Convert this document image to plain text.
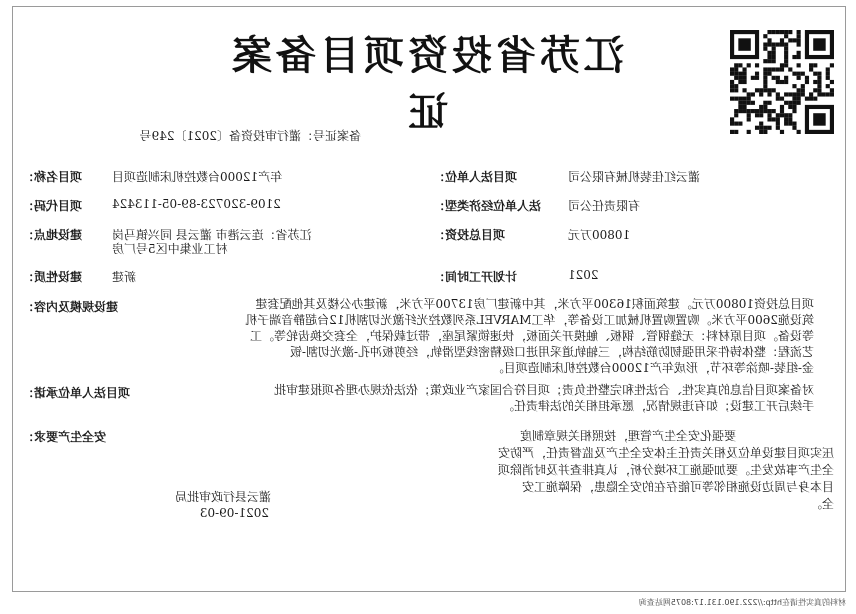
江苏省投资项目备案证
备案证号：灌行审投资备〔2021〕249号
项目名称： 年产12000台数控机床制造项目	项目法人单位：	灌云红佳装机械有限公司
项目代码： 2109-320723-89-05-113424	法人单位经济类型： 有限责任公司
建设地点： 江苏省：连云港市 灌云县 同兴镇马岗
村工业集中区5号厂房
项目总投资：	10800万元
建设性质： 新建	计划开工时间：	2021
建设规模及内容：	项目总投资10800万元。建筑面积16300平方米，其中新建厂房13700平方米，新建办公楼及其他配套建
筑设施2600平方米。购置购置机械加工设备等，华工MARVEL系列数控光纤激光切割机12台超静音端子机
等设备。项目原材料：无缝钢管、钢板、触摸开关面板，快速锁紧尾座，带过载保护，全套交换齿轮等。工
艺流程：整体铸件采用强韧防筋结构，三轴轨道采用进口级精密线型滑轨，经剪板冲孔-激光切割-钣
金-组装-喷涂等环节，形成年产12000台数控机床制造项目。
项目法人单位承诺：	对备案项目信息的真实性、合法性和完整性负责；项目符合国家产业政策；依法依规办理各项报建审批
手续后开工建设；如有违规情况，愿承担相关的法律责任。
安全生产要求：	要强化安全生产管理，按照相关规章制度
压实项目建设单位及相关责任主体安全生产及监督责任，严防安
全生产事故发生。要加强施工环境分析，认真排查并及时消除项
目本身与周边设施相邻等可能存在的安全隐患，保障施工安
全。
灌云县行政审批局
2021-09-03
材料的真实性请在http://222.190.131.17:8075网站查询
